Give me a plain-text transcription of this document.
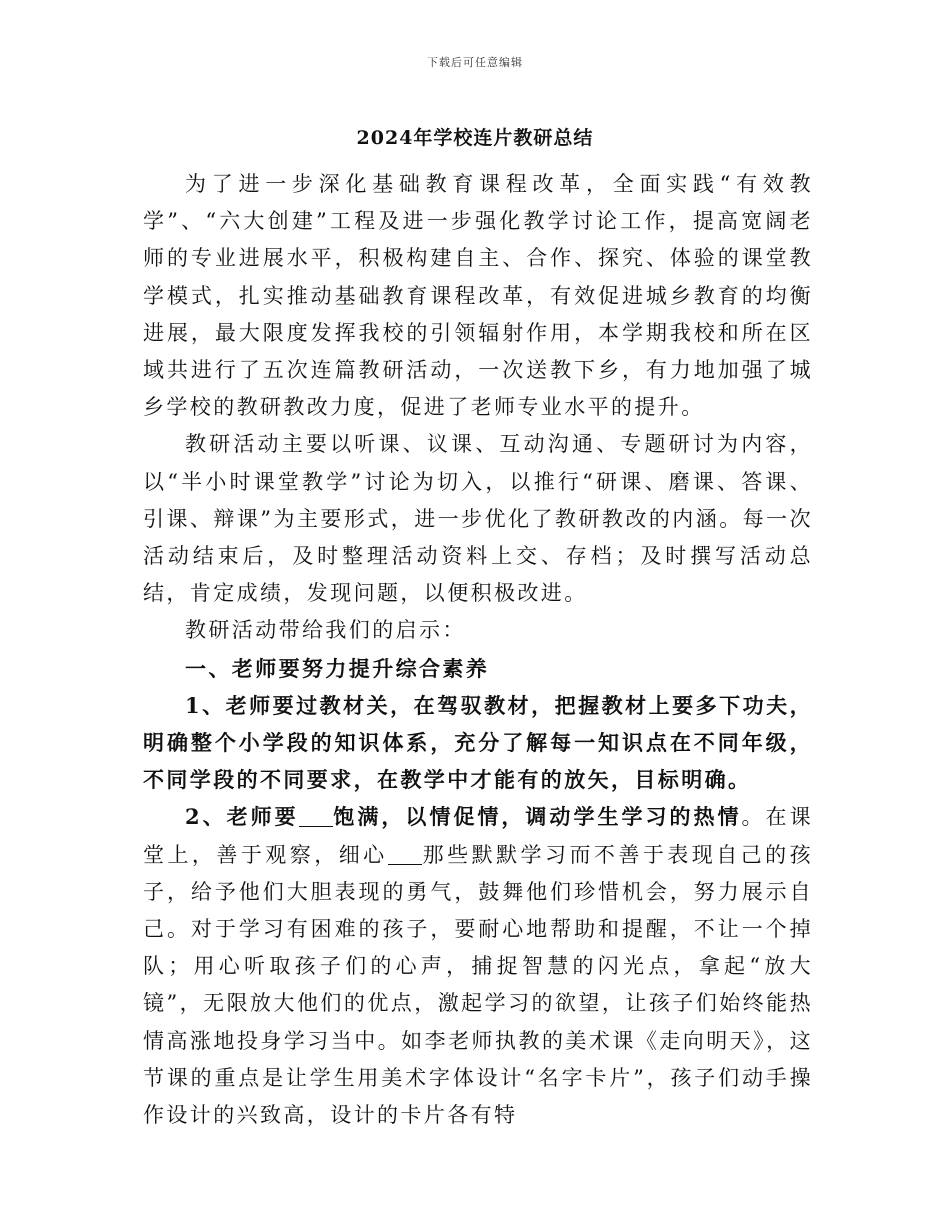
下载后可任意编辑
2024年学校连片教研总结

为了进一步深化基础教育课程改革，全面实践“有效教学”、“六大创建”工程及进一步强化教学讨论工作，提高宽阔老师的专业进展水平，积极构建自主、合作、探究、体验的课堂教学模式，扎实推动基础教育课程改革，有效促进城乡教育的均衡进展，最大限度发挥我校的引领辐射作用，本学期我校和所在区域共进行了五次连篇教研活动，一次送教下乡，有力地加强了城乡学校的教研教改力度，促进了老师专业水平的提升。

教研活动主要以听课、议课、互动沟通、专题研讨为内容，以“半小时课堂教学”讨论为切入，以推行“研课、磨课、答课、引课、辩课”为主要形式，进一步优化了教研教改的内涵。每一次活动结束后，及时整理活动资料上交、存档；及时撰写活动总结，肯定成绩，发现问题，以便积极改进。

教研活动带给我们的启示：

一、老师要努力提升综合素养

1、老师要过教材关，在驾驭教材，把握教材上要多下功夫，明确整个小学段的知识体系，充分了解每一知识点在不同年级，不同学段的不同要求，在教学中才能有的放矢，目标明确。

2、老师要 饱满，以情促情，调动学生学习的热情。在课堂上，善于观察，细心 那些默默学习而不善于表现自己的孩子，给予他们大胆表现的勇气，鼓舞他们珍惜机会，努力展示自己。对于学习有困难的孩子，要耐心地帮助和提醒，不让一个掉队；用心听取孩子们的心声，捕捉智慧的闪光点，拿起“放大镜”，无限放大他们的优点，激起学习的欲望，让孩子们始终能热情高涨地投身学习当中。如李老师执教的美术课《走向明天》，这节课的重点是让学生用美术字体设计“名字卡片”，孩子们动手操作设计的兴致高，设计的卡片各有特
